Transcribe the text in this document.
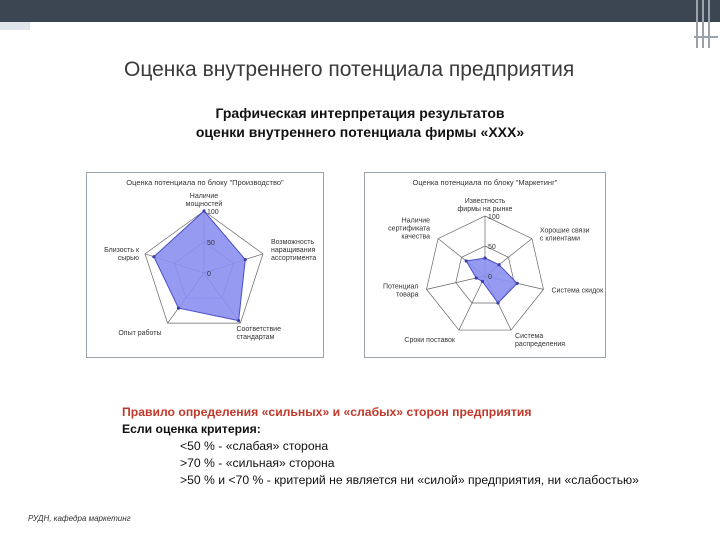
Оценка внутреннего потенциала предприятия
Графическая интерпретация результатов
оценки внутреннего потенциала фирмы «XXX»
Оценка потенциала по блоку "Производство"
100
50
0
Наличие мощностей
Возможность наращивания ассортимента
Соответствие стандартам
Опыт работы
Близость к сырью
Оценка потенциала по блоку "Маркетинг"
100
50
0
Известность фирмы на рынке
Хорошие связи с клиентами
Система скидок
Система распределения
Сроки поставок
Потенциал товара
Наличие сертификата качества
Правило определения «сильных» и «слабых» сторон предприятия
Если оценка критерия:
<50 % - «слабая» сторона
>70 % - «сильная» сторона
>50 % и <70 % - критерий не является ни «силой» предприятия, ни «слабостью»
РУДН, кафедра маркетинг
